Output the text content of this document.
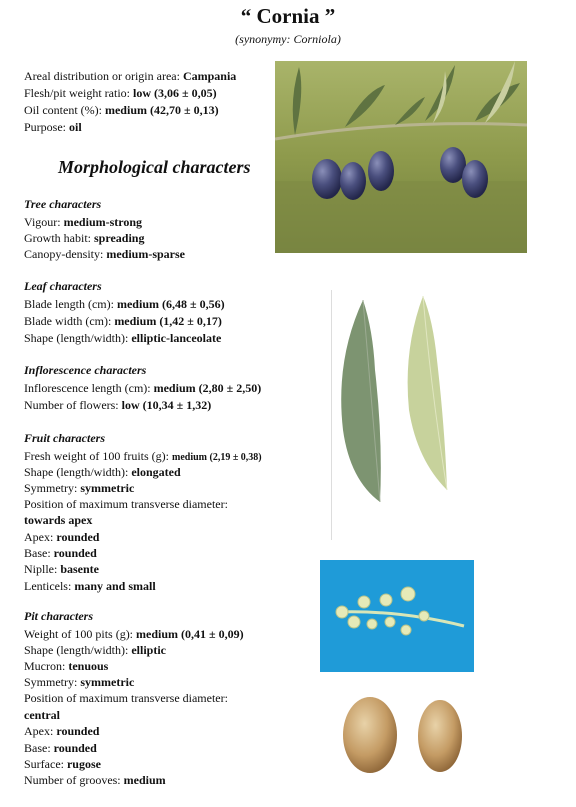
“ Cornia ”
(synonymy: Corniola)
Areal distribution or origin area: Campania
Flesh/pit weight ratio: low (3,06 ± 0,05)
Oil content (%): medium (42,70 ± 0,13)
Purpose: oil
Morphological characters
Tree characters
Vigour: medium-strong
Growth habit: spreading
Canopy-density: medium-sparse
Leaf characters
Blade length (cm): medium (6,48 ± 0,56)
Blade width (cm): medium (1,42 ± 0,17)
Shape (length/width): elliptic-lanceolate
Inflorescence characters
Inflorescence length (cm): medium (2,80 ± 2,50)
Number of flowers: low (10,34 ± 1,32)
Fruit characters
Fresh weight of 100 fruits (g): medium (2,19 ± 0,38)
Shape (length/width): elongated
Symmetry: symmetric
Position of maximum transverse diameter:
towards apex
Apex: rounded
Base: rounded
Niplle: basente
Lenticels: many and small
Pit characters
Weight of 100 pits (g): medium (0,41 ± 0,09)
Shape (length/width): elliptic
Mucron: tenuous
Symmetry: symmetric
Position of maximum transverse diameter:
central
Apex: rounded
Base: rounded
Surface: rugose
Number of grooves: medium
